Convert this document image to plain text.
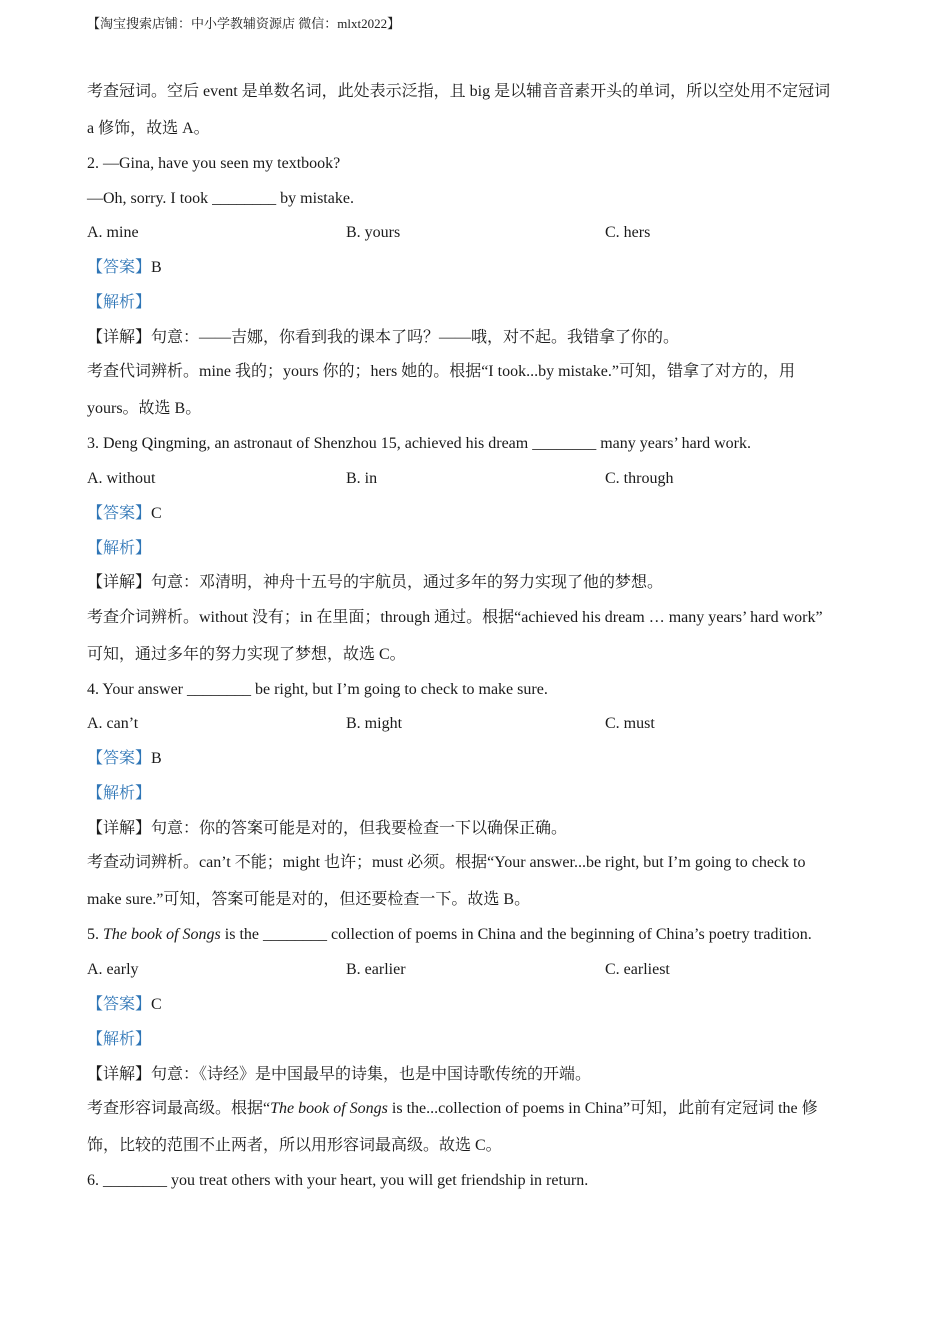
【淘宝搜索店铺：中小学教辅资源店 微信：mlxt2022】
考查冠词。空后 event 是单数名词，此处表示泛指，且 big 是以辅音音素开头的单词，所以空处用不定冠词
a 修饰，故选 A。
2. —Gina, have you seen my textbook?
—Oh, sorry. I took ________ by mistake.
A. mine	B. yours	C. hers
【答案】B
【解析】
【详解】句意：——吉娜，你看到我的课本了吗？——哦，对不起。我错拿了你的。
考查代词辨析。mine 我的；yours 你的；hers 她的。根据“I took...by mistake.”可知，错拿了对方的，用
yours。故选 B。
3. Deng Qingming, an astronaut of Shenzhou 15, achieved his dream ________ many years’ hard work.
A. without	B. in	C. through
【答案】C
【解析】
【详解】句意：邓清明，神舟十五号的宇航员，通过多年的努力实现了他的梦想。
考查介词辨析。without 没有；in 在里面；through 通过。根据“achieved his dream … many years’ hard work”
可知，通过多年的努力实现了梦想，故选 C。
4. Your answer ________ be right, but I’m going to check to make sure.
A. can’t	B. might	C. must
【答案】B
【解析】
【详解】句意：你的答案可能是对的，但我要检查一下以确保正确。
考查动词辨析。can’t 不能；might 也许；must 必须。根据“Your answer...be right, but I’m going to check to
make sure.”可知，答案可能是对的，但还要检查一下。故选 B。
5. The book of Songs is the ________ collection of poems in China and the beginning of China’s poetry tradition.
A. early	B. earlier	C. earliest
【答案】C
【解析】
【详解】句意：《诗经》是中国最早的诗集，也是中国诗歌传统的开端。
考查形容词最高级。根据“The book of Songs is the...collection of poems in China”可知，此前有定冠词 the 修
饰，比较的范围不止两者，所以用形容词最高级。故选 C。
6. ________ you treat others with your heart, you will get friendship in return.
